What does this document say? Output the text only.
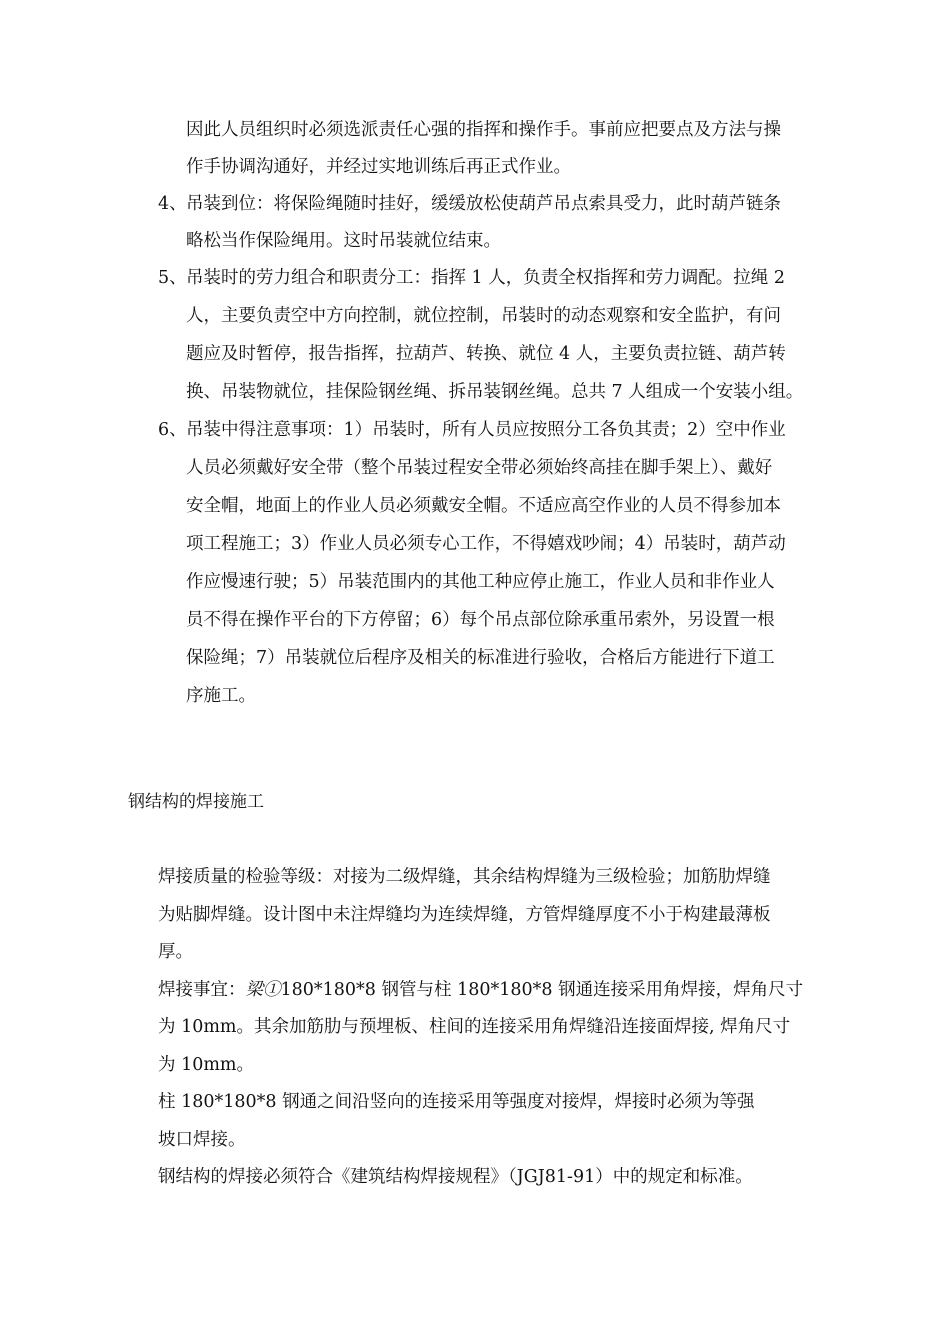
因此人员组织时必须选派责任心强的指挥和操作手。事前应把要点及方法与操
作手协调沟通好，并经过实地训练后再正式作业。
4、 吊装到位：将保险绳随时挂好，缓缓放松使葫芦吊点索具受力，此时葫芦链条
略松当作保险绳用。这时吊装就位结束。
5、 吊装时的劳力组合和职责分工：指挥 1 人，负责全权指挥和劳力调配。拉绳 2
人，主要负责空中方向控制，就位控制，吊装时的动态观察和安全监护，有问
题应及时暂停，报告指挥，拉葫芦、转换、就位 4 人，主要负责拉链、葫芦转
换、吊装物就位，挂保险钢丝绳、拆吊装钢丝绳。总共 7 人组成一个安装小组。
6、 吊装中得注意事项：1）吊装时，所有人员应按照分工各负其责；2）空中作业
人员必须戴好安全带（整个吊装过程安全带必须始终高挂在脚手架上）、戴好
安全帽，地面上的作业人员必须戴安全帽。不适应高空作业的人员不得参加本
项工程施工；3）作业人员必须专心工作，不得嬉戏吵闹；4）吊装时，葫芦动
作应慢速行驶；5）吊装范围内的其他工种应停止施工，作业人员和非作业人
员不得在操作平台的下方停留；6）每个吊点部位除承重吊索外，另设置一根
保险绳；7）吊装就位后程序及相关的标准进行验收，合格后方能进行下道工
序施工。
钢结构的焊接施工
焊接质量的检验等级：对接为二级焊缝，其余结构焊缝为三级检验；加筋肋焊缝
为贴脚焊缝。设计图中未注焊缝均为连续焊缝，方管焊缝厚度不小于构建最薄板
厚。
焊接事宜：梁①180*180*8 钢管与柱 180*180*8 钢通连接采用角焊接，焊角尺寸
为 10mm。其余加筋肋与预埋板、柱间的连接采用角焊缝沿连接面焊接, 焊角尺寸
为 10mm。
柱 180*180*8 钢通之间沿竖向的连接采用等强度对接焊，焊接时必须为等强
坡口焊接。
钢结构的焊接必须符合《建筑结构焊接规程》（JGJ81-91）中的规定和标准。
